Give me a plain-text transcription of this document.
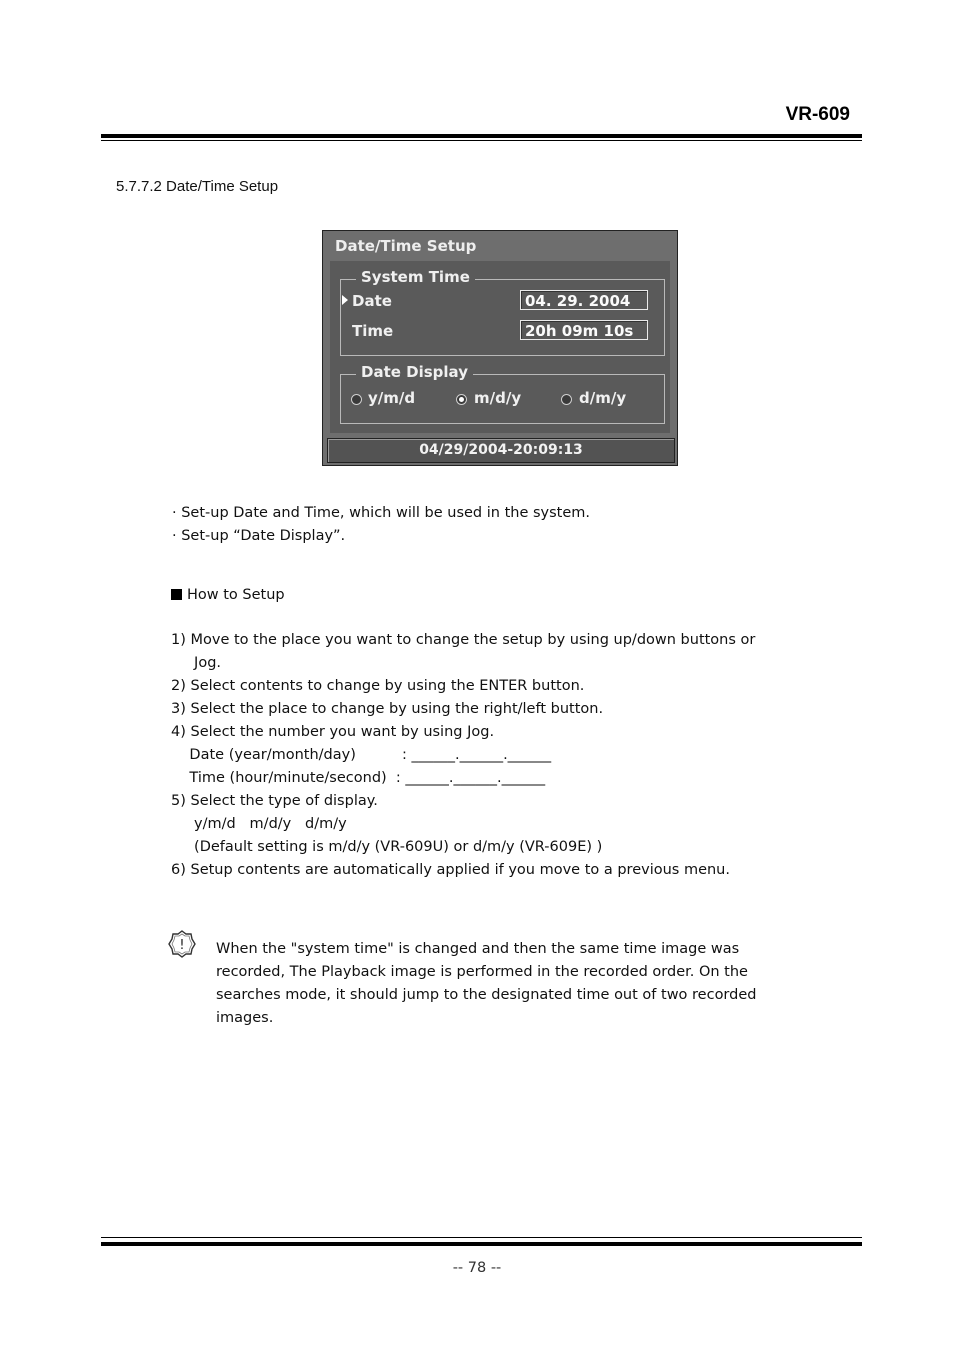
VR-609
5.7.7.2 Date/Time Setup
Date/Time Setup
System Time
Date	04. 29. 2004
Time	20h 09m 10s
Date Display
y/m/d	m/d/y	d/m/y
04/29/2004-20:09:13
· Set-up Date and Time, which will be used in the system.
· Set-up “Date Display”.
How to Setup
1) Move to the place you want to change the setup by using up/down buttons or
Jog.
2) Select contents to change by using the ENTER button.
3) Select the place to change by using the right/left button.
4) Select the number you want by using Jog.
Date (year/month/day)          : ______.______.______
Time (hour/minute/second)  : ______.______.______
5) Select the type of display.
y/m/d   m/d/y   d/m/y
(Default setting is m/d/y (VR-609U) or d/m/y (VR-609E) )
6) Setup contents are automatically applied if you move to a previous menu.
! When the "system time" is changed and then the same time image was
recorded, The Playback image is performed in the recorded order. On the
searches mode, it should jump to the designated time out of two recorded
images.
-- 78 --
